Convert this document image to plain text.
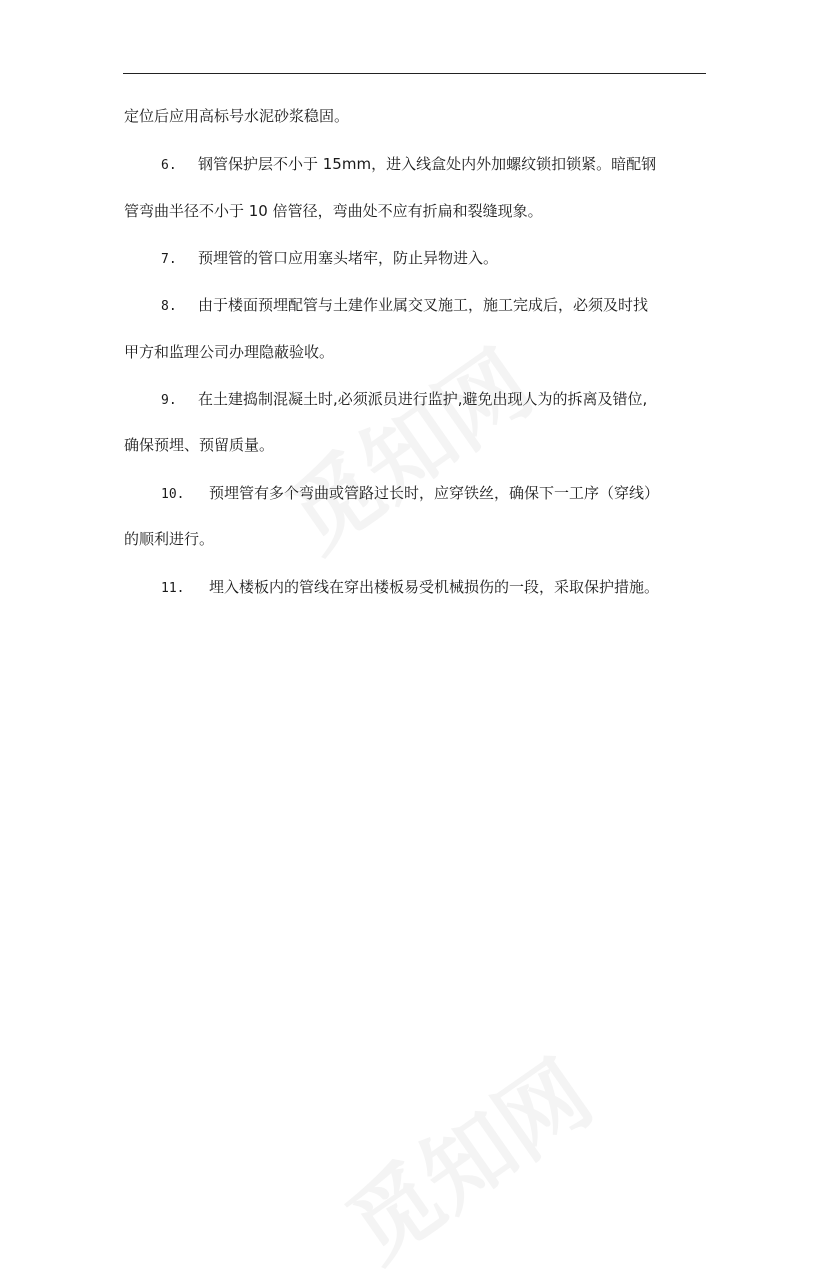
定位后应用高标号水泥砂浆稳固。
6. 钢管保护层不小于 15mm，进入线盒处内外加螺纹锁扣锁紧。暗配钢
管弯曲半径不小于 10 倍管径，弯曲处不应有折扁和裂缝现象。
7. 预埋管的管口应用塞头堵牢，防止异物进入。
8. 由于楼面预埋配管与土建作业属交叉施工，施工完成后，必须及时找
甲方和监理公司办理隐蔽验收。
9. 在土建捣制混凝土时,必须派员进行监护,避免出现人为的拆离及错位,
确保预埋、预留质量。
10. 预埋管有多个弯曲或管路过长时，应穿铁丝，确保下一工序（穿线）
的顺利进行。
11. 埋入楼板内的管线在穿出楼板易受机械损伤的一段，采取保护措施。
